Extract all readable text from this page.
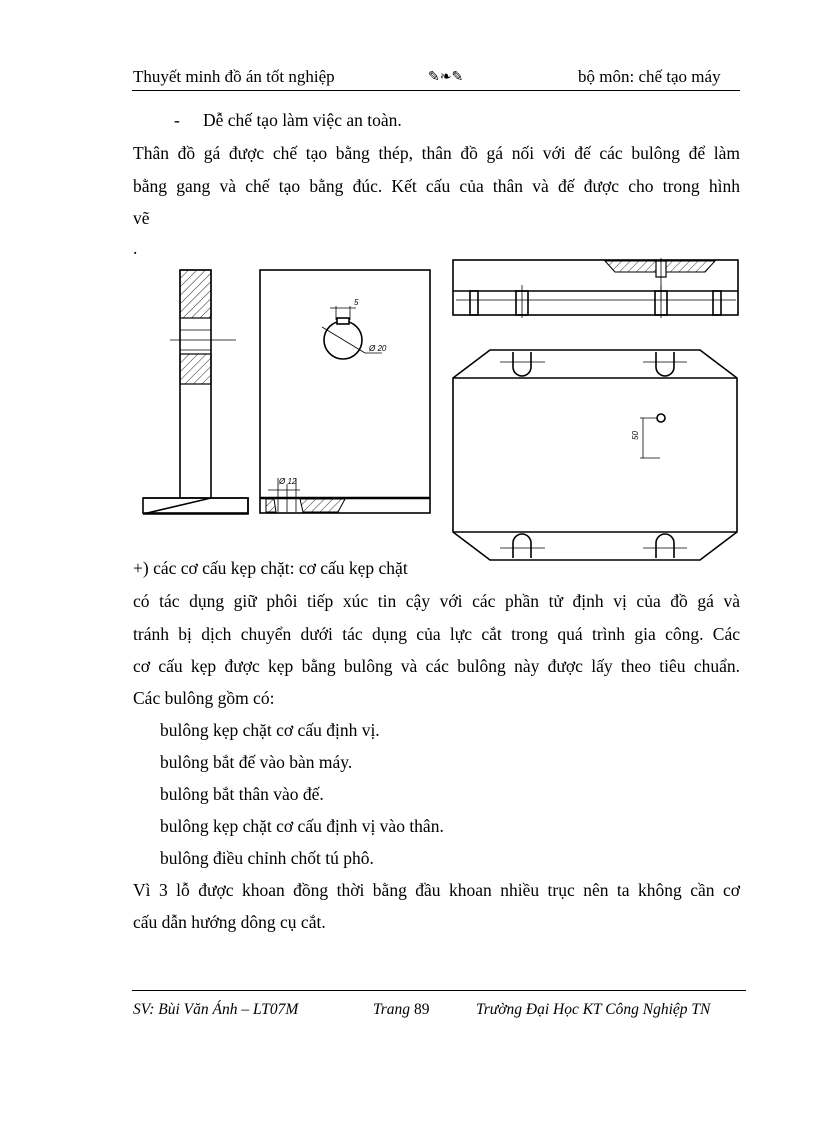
Thuyết minh đồ án tốt nghiệp	✎❧✎	bộ môn: chế tạo máy
- Dễ chế tạo làm việc an toàn.
Thân đồ gá được chế tạo bằng thép, thân đồ gá nối với đế các bulông để làm
bằng gang và chế tạo bằng đúc. Kết cấu của thân và đế được cho trong hình
vẽ
.
5
Ø 20
Ø 12
50
+) các cơ cấu kẹp chặt: cơ cấu kẹp chặt
có tác dụng giữ phôi tiếp xúc tin cậy với các phần tử định vị của đồ gá và
tránh bị dịch chuyển dưới tác dụng của lực cắt trong quá trình gia công. Các
cơ cấu kẹp được kẹp bằng bulông và các bulông này được lấy theo tiêu chuẩn.
Các bulông gồm có:
bulông kẹp chặt cơ cấu định vị.
bulông bắt đế vào bàn máy.
bulông bắt thân vào đế.
bulông kẹp chặt cơ cấu định vị vào thân.
bulông điều chỉnh chốt tú phô.
Vì 3 lỗ được khoan đồng thời bằng đầu khoan nhiều trục nên ta không cần cơ
cấu dẫn hướng dông cụ cắt.
SV: Bùi Văn Ánh – LT07M	Trang 89	Trường Đại Học KT Công Nghiệp TN
